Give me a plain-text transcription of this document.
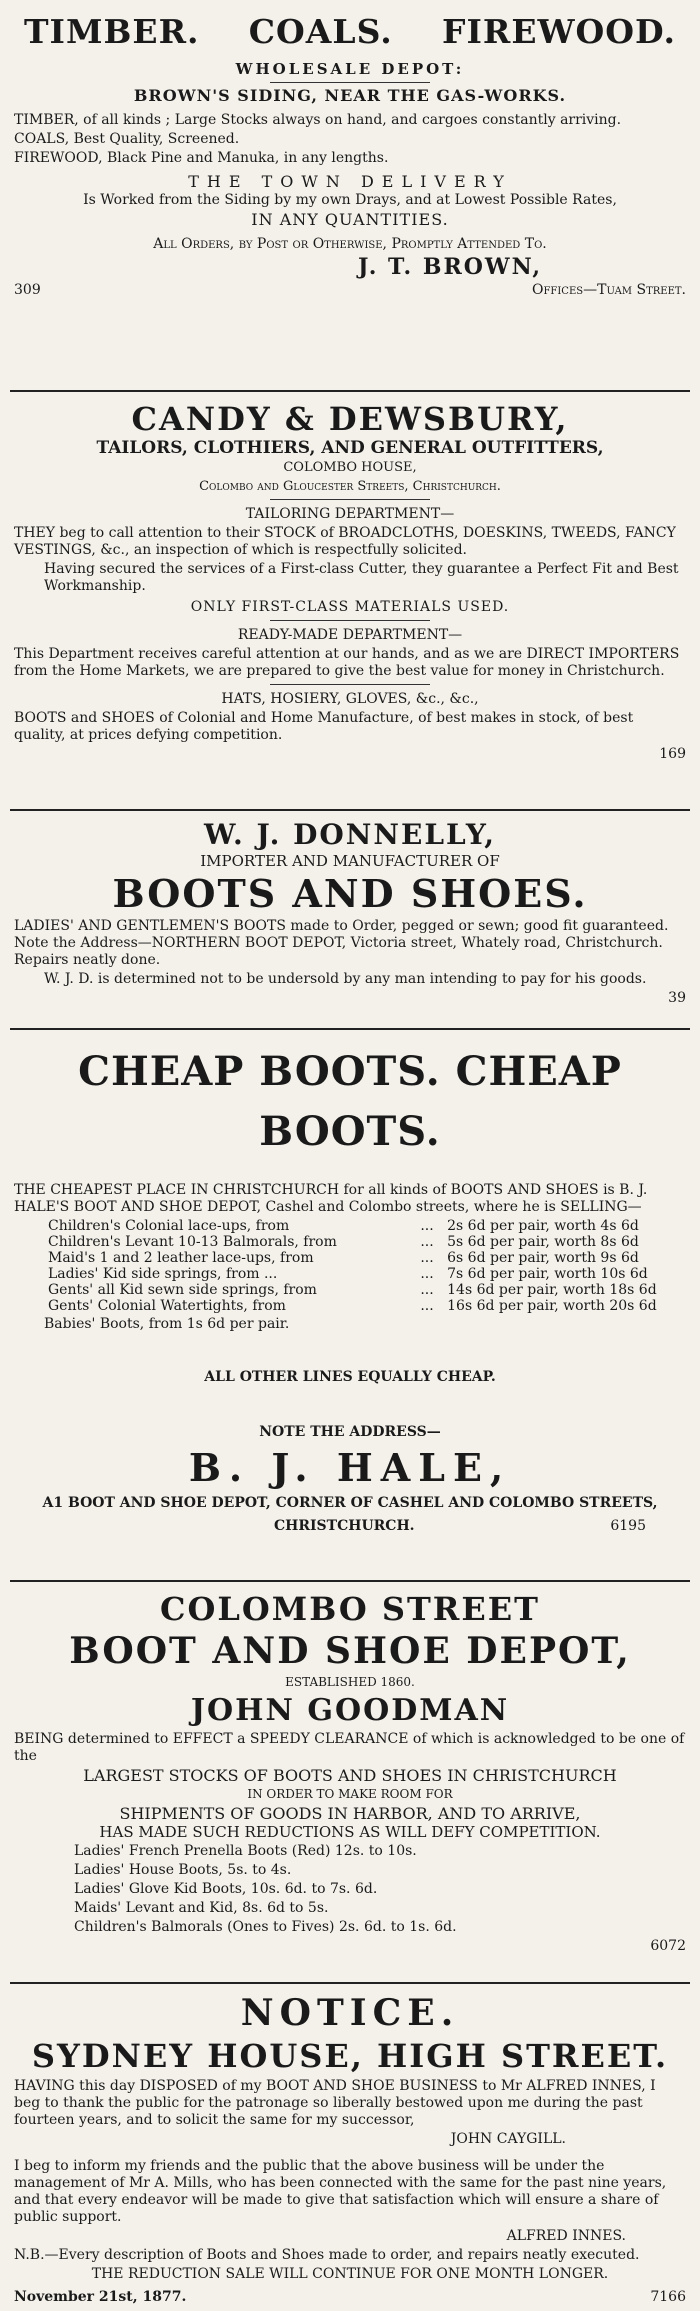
TIMBER. COALS. FIREWOOD.

WHOLESALE DEPOT:

BROWN'S SIDING, NEAR THE GAS-WORKS.

TIMBER, of all kinds ; Large Stocks always on hand, and cargoes constantly arriving.

COALS, Best Quality, Screened.

FIREWOOD, Black Pine and Manuka, in any lengths.

THE TOWN DELIVERY

Is Worked from the Siding by my own Drays, and at Lowest Possible Rates,

IN ANY QUANTITIES.

All Orders, by Post or Otherwise, Promptly Attended To.

J. T. BROWN,

309	Offices—Tuam Street.

CANDY & DEWSBURY,

TAILORS, CLOTHIERS, AND GENERAL OUTFITTERS,

COLOMBO HOUSE,

Colombo and Gloucester Streets, Christchurch.

TAILORING DEPARTMENT—

THEY beg to call attention to their STOCK of BROADCLOTHS, DOESKINS, TWEEDS, FANCY VESTINGS, &c., an inspection of which is respectfully solicited.

Having secured the services of a First-class Cutter, they guarantee a Perfect Fit and Best Workmanship.

ONLY FIRST-CLASS MATERIALS USED.

READY-MADE DEPARTMENT—

This Department receives careful attention at our hands, and as we are DIRECT IMPORTERS from the Home Markets, we are prepared to give the best value for money in Christchurch.

HATS, HOSIERY, GLOVES, &c., &c.,

BOOTS and SHOES of Colonial and Home Manufacture, of best makes in stock, of best quality, at prices defying competition.

169

W. J. DONNELLY,

IMPORTER AND MANUFACTURER OF

BOOTS AND SHOES.

LADIES' AND GENTLEMEN'S BOOTS made to Order, pegged or sewn; good fit guaranteed. Note the Address—NORTHERN BOOT DEPOT, Victoria street, Whately road, Christchurch. Repairs neatly done.

W. J. D. is determined not to be undersold by any man intending to pay for his goods.

39

CHEAP BOOTS. CHEAP BOOTS.

THE CHEAPEST PLACE IN CHRISTCHURCH for all kinds of BOOTS AND SHOES is B. J. HALE'S BOOT AND SHOE DEPOT, Cashel and Colombo streets, where he is SELLING—

Children's Colonial lace-ups, from	...	2s 6d per pair, worth 4s 6d
Children's Levant 10-13 Balmorals, from	...	5s 6d per pair, worth 8s 6d
Maid's 1 and 2 leather lace-ups, from	...	6s 6d per pair, worth 9s 6d
Ladies' Kid side springs, from ...	...	7s 6d per pair, worth 10s 6d
Gents' all Kid sewn side springs, from	...	14s 6d per pair, worth 18s 6d
Gents' Colonial Watertights, from	...	16s 6d per pair, worth 20s 6d

Babies' Boots, from 1s 6d per pair.

ALL OTHER LINES EQUALLY CHEAP.

NOTE THE ADDRESS—

B. J. HALE,

A1 BOOT AND SHOE DEPOT, CORNER OF CASHEL AND COLOMBO STREETS,

CHRISTCHURCH.	6195

COLOMBO STREET

BOOT AND SHOE DEPOT,

ESTABLISHED 1860.

JOHN GOODMAN

BEING determined to EFFECT a SPEEDY CLEARANCE of which is acknowledged to be one of the

LARGEST STOCKS OF BOOTS AND SHOES IN CHRISTCHURCH

IN ORDER TO MAKE ROOM FOR

SHIPMENTS OF GOODS IN HARBOR, AND TO ARRIVE,

HAS MADE SUCH REDUCTIONS AS WILL DEFY COMPETITION.

Ladies' French Prenella Boots (Red) 12s. to 10s.

Ladies' House Boots, 5s. to 4s.

Ladies' Glove Kid Boots, 10s. 6d. to 7s. 6d.

Maids' Levant and Kid, 8s. 6d to 5s.

Children's Balmorals (Ones to Fives) 2s. 6d. to 1s. 6d.

6072

NOTICE.

SYDNEY HOUSE, HIGH STREET.

HAVING this day DISPOSED of my BOOT AND SHOE BUSINESS to Mr ALFRED INNES, I beg to thank the public for the patronage so liberally bestowed upon me during the past fourteen years, and to solicit the same for my successor,

JOHN CAYGILL.

I beg to inform my friends and the public that the above business will be under the management of Mr A. Mills, who has been connected with the same for the past nine years, and that every endeavor will be made to give that satisfaction which will ensure a share of public support.

ALFRED INNES.

N.B.—Every description of Boots and Shoes made to order, and repairs neatly executed.

THE REDUCTION SALE WILL CONTINUE FOR ONE MONTH LONGER.

November 21st, 1877.	7166
